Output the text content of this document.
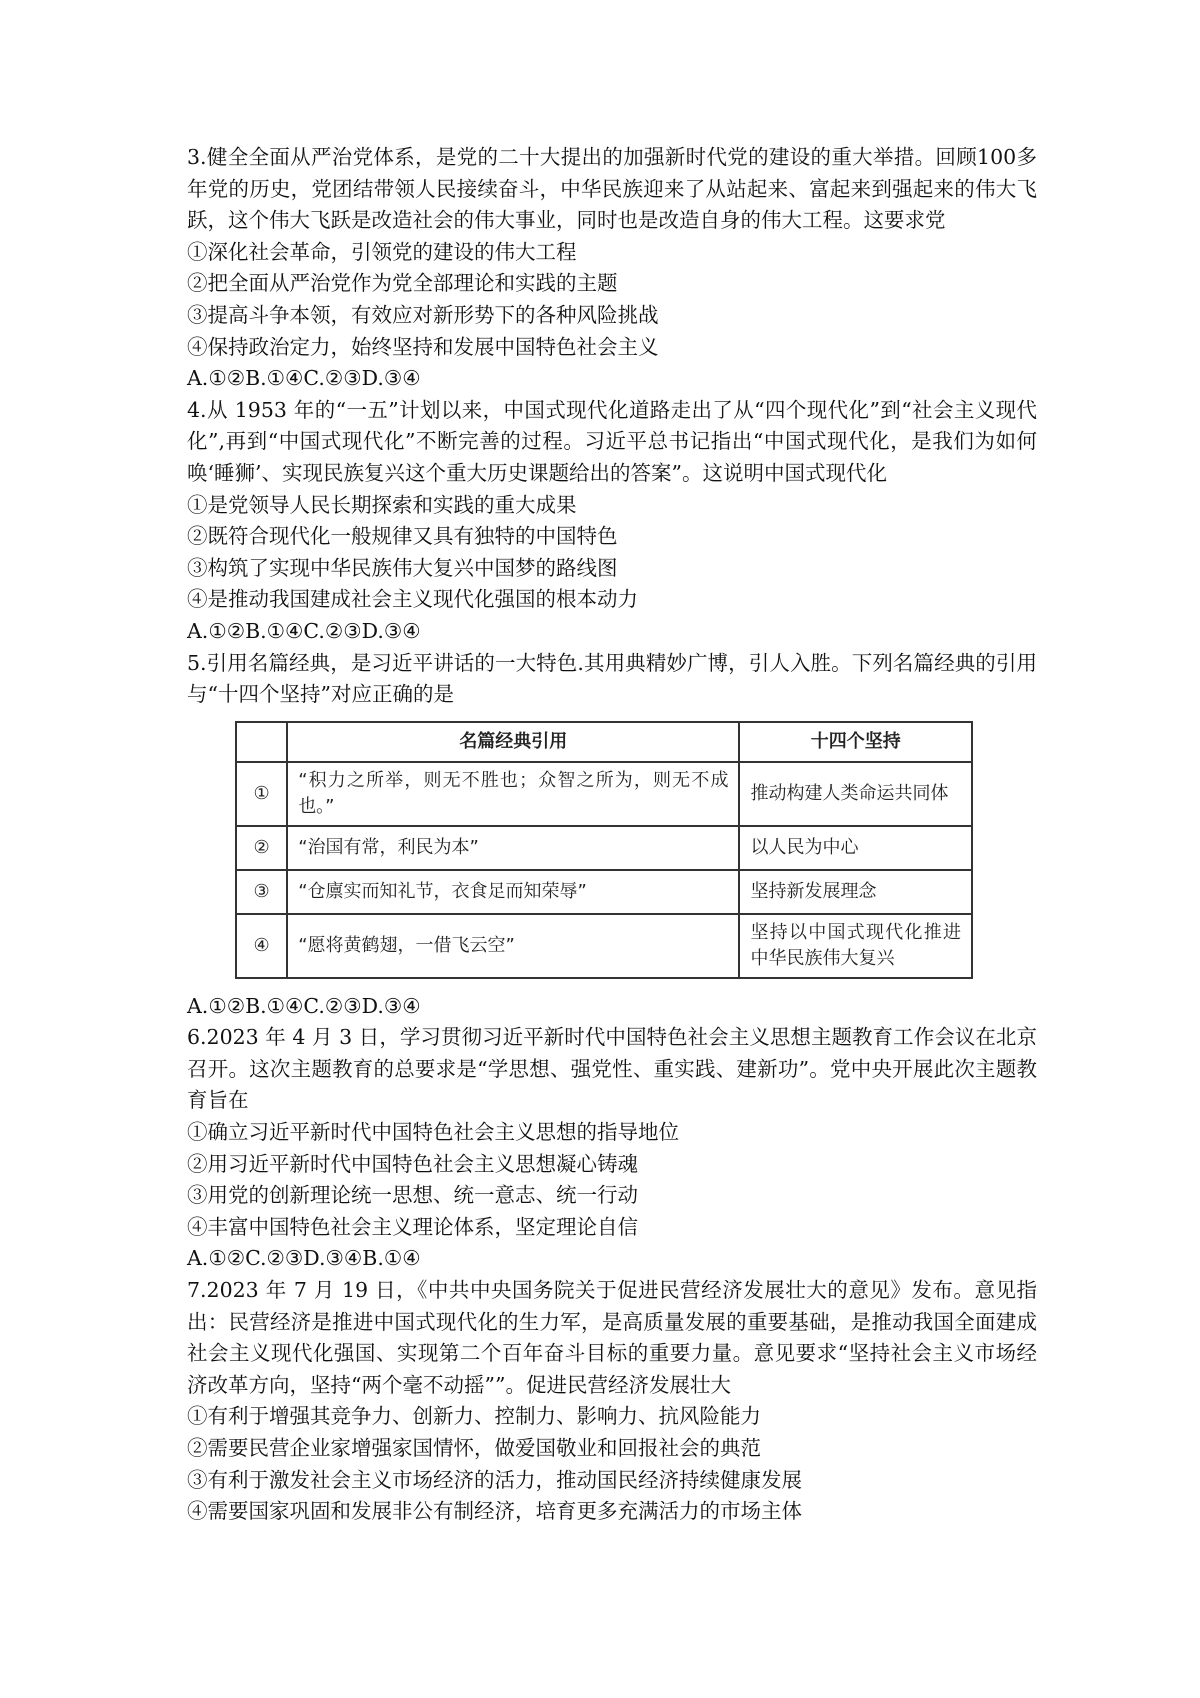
3.健全全面从严治党体系，是党的二十大提出的加强新时代党的建设的重大举措。回顾100多年党的历史，党团结带领人民接续奋斗，中华民族迎来了从站起来、富起来到强起来的伟大飞跃，这个伟大飞跃是改造社会的伟大事业，同时也是改造自身的伟大工程。这要求党

①深化社会革命，引领党的建设的伟大工程

②把全面从严治党作为党全部理论和实践的主题

③提高斗争本领，有效应对新形势下的各种风险挑战

④保持政治定力，始终坚持和发展中国特色社会主义

A.①②B.①④C.②③D.③④

4.从 1953 年的“一五”计划以来，中国式现代化道路走出了从“四个现代化”到“社会主义现代化”,再到“中国式现代化”不断完善的过程。习近平总书记指出“中国式现代化，是我们为如何唤‘睡狮’、实现民族复兴这个重大历史课题给出的答案”。这说明中国式现代化

①是党领导人民长期探索和实践的重大成果

②既符合现代化一般规律又具有独特的中国特色

③构筑了实现中华民族伟大复兴中国梦的路线图

④是推动我国建成社会主义现代化强国的根本动力

A.①②B.①④C.②③D.③④

5.引用名篇经典，是习近平讲话的一大特色.其用典精妙广博，引人入胜。下列名篇经典的引用与“十四个坚持”对应正确的是

	名篇经典引用	十四个坚持
①	“积力之所举，则无不胜也；众智之所为，则无不成也。”	推动构建人类命运共同体
②	“治国有常，利民为本”	以人民为中心
③	“仓廪实而知礼节，衣食足而知荣辱”	坚持新发展理念
④	“愿将黄鹤翅，一借飞云空”	坚持以中国式现代化推进中华民族伟大复兴

A.①②B.①④C.②③D.③④

6.2023 年 4 月 3 日，学习贯彻习近平新时代中国特色社会主义思想主题教育工作会议在北京召开。这次主题教育的总要求是“学思想、强党性、重实践、建新功”。党中央开展此次主题教育旨在

①确立习近平新时代中国特色社会主义思想的指导地位

②用习近平新时代中国特色社会主义思想凝心铸魂

③用党的创新理论统一思想、统一意志、统一行动

④丰富中国特色社会主义理论体系，坚定理论自信

A.①②C.②③D.③④B.①④

7.2023 年 7 月 19 日，《中共中央国务院关于促进民营经济发展壮大的意见》发布。意见指出：民营经济是推进中国式现代化的生力军，是高质量发展的重要基础，是推动我国全面建成社会主义现代化强国、实现第二个百年奋斗目标的重要力量。意见要求“坚持社会主义市场经济改革方向，坚持“两个毫不动摇””。促进民营经济发展壮大

①有利于增强其竞争力、创新力、控制力、影响力、抗风险能力

②需要民营企业家增强家国情怀，做爱国敬业和回报社会的典范

③有利于激发社会主义市场经济的活力，推动国民经济持续健康发展

④需要国家巩固和发展非公有制经济，培育更多充满活力的市场主体
